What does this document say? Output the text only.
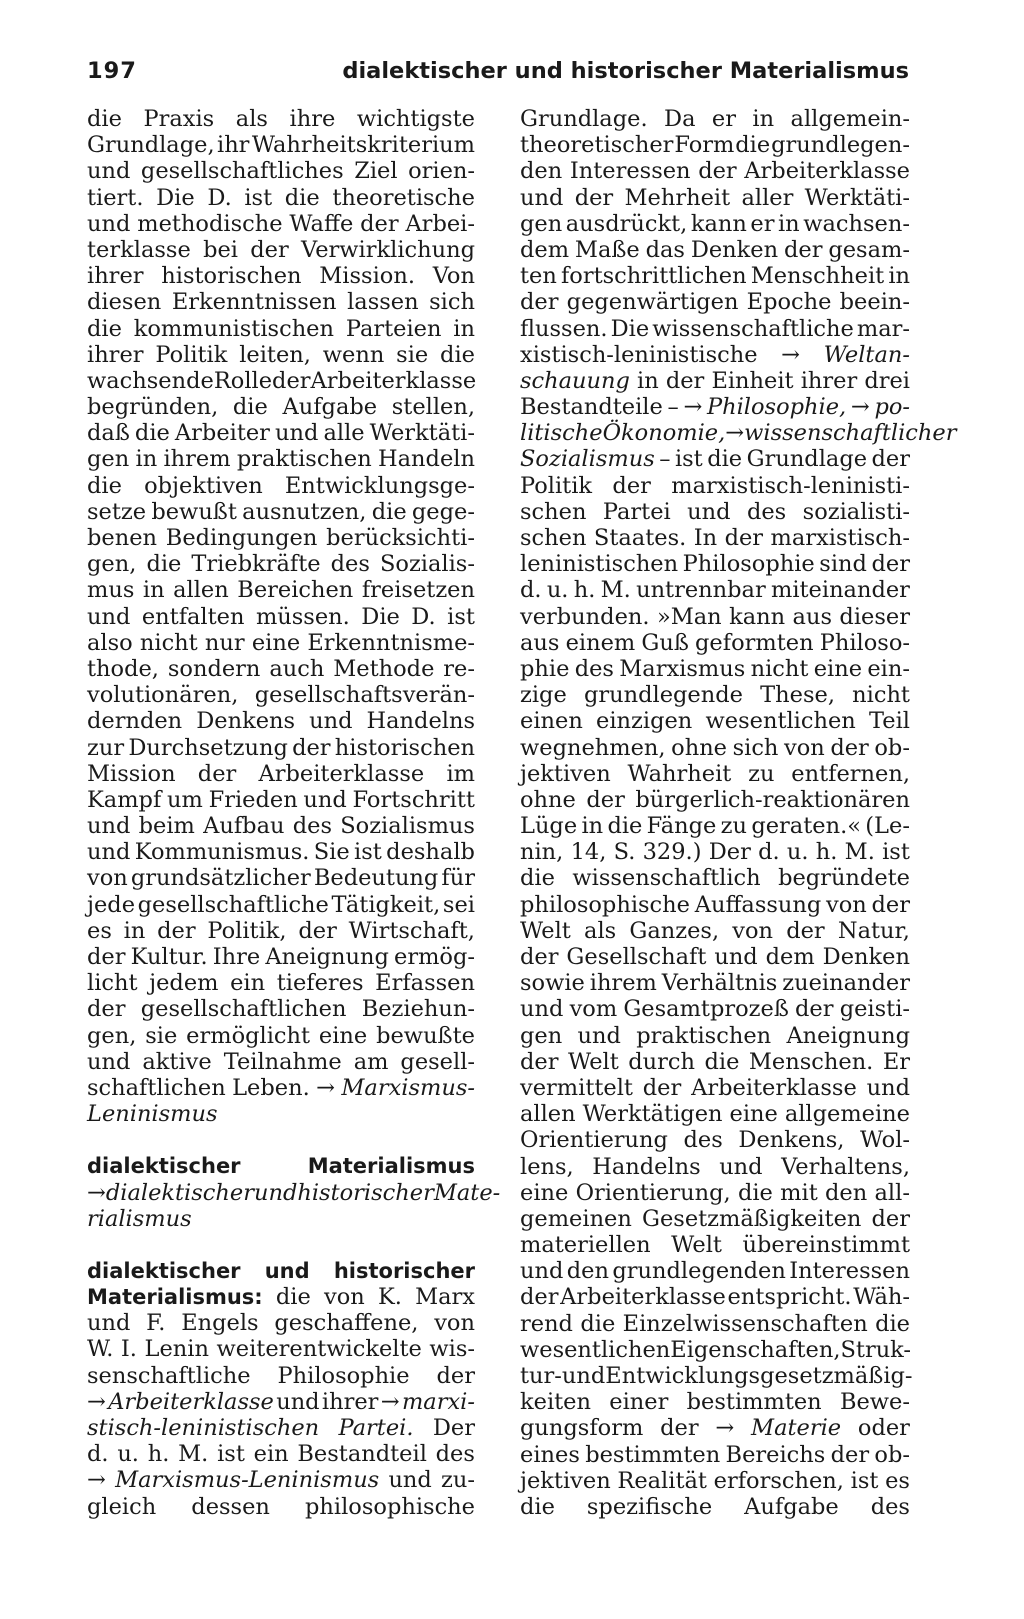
197	dialektischer und historischer Materialismus
die Praxis als ihre wichtigste
Grundlage, ihr Wahrheitskriterium
und gesellschaftliches Ziel orien-
tiert. Die D. ist die theoretische
und methodische Waffe der Arbei-
terklasse bei der Verwirklichung
ihrer historischen Mission. Von
diesen Erkenntnissen lassen sich
die kommunistischen Parteien in
ihrer Politik leiten, wenn sie die
wachsende Rolle der Arbeiterklasse
begründen, die Aufgabe stellen,
daß die Arbeiter und alle Werktäti-
gen in ihrem praktischen Handeln
die objektiven Entwicklungsge-
setze bewußt ausnutzen, die gege-
benen Bedingungen berücksichti-
gen, die Triebkräfte des Sozialis-
mus in allen Bereichen freisetzen
und entfalten müssen. Die D. ist
also nicht nur eine Erkenntnisme-
thode, sondern auch Methode re-
volutionären, gesellschaftsverän-
dernden Denkens und Handelns
zur Durchsetzung der historischen
Mission der Arbeiterklasse im
Kampf um Frieden und Fortschritt
und beim Aufbau des Sozialismus
und Kommunismus. Sie ist deshalb
von grundsätzlicher Bedeutung für
jede gesellschaftliche Tätigkeit, sei
es in der Politik, der Wirtschaft,
der Kultur. Ihre Aneignung ermög-
licht jedem ein tieferes Erfassen
der gesellschaftlichen Beziehun-
gen, sie ermöglicht eine bewußte
und aktive Teilnahme am gesell-
schaftlichen Leben. → Marxismus-
Leninismus
dialektischer	Materialismus
→ dialektischer und historischer Mate-
rialismus
dialektischer und historischer
Materialismus: die von K. Marx
und F. Engels geschaffene, von
W. I. Lenin weiterentwickelte wis-
senschaftliche Philosophie der
→ Arbeiterklasse und ihrer → marxi-
stisch-leninistischen Partei. Der
d. u. h. M. ist ein Bestandteil des
→ Marxismus-Leninismus und zu-
gleich dessen philosophische
Grundlage. Da er in allgemein-
theoretischer Form die grundlegen-
den Interessen der Arbeiterklasse
und der Mehrheit aller Werktäti-
gen ausdrückt, kann er in wachsen-
dem Maße das Denken der gesam-
ten fortschrittlichen Menschheit in
der gegenwärtigen Epoche beein-
flussen. Die wissenschaftliche mar-
xistisch-leninistische → Weltan-
schauung in der Einheit ihrer drei
Bestandteile – → Philosophie, → po-
litische Ökonomie, → wissenschaftlicher
Sozialismus – ist die Grundlage der
Politik der marxistisch-leninisti-
schen Partei und des sozialisti-
schen Staates. In der marxistisch-
leninistischen Philosophie sind der
d. u. h. M. untrennbar miteinander
verbunden. »Man kann aus dieser
aus einem Guß geformten Philoso-
phie des Marxismus nicht eine ein-
zige grundlegende These, nicht
einen einzigen wesentlichen Teil
wegnehmen, ohne sich von der ob-
jektiven Wahrheit zu entfernen,
ohne der bürgerlich-reaktionären
Lüge in die Fänge zu geraten.« (Le-
nin, 14, S. 329.) Der d. u. h. M. ist
die wissenschaftlich begründete
philosophische Auffassung von der
Welt als Ganzes, von der Natur,
der Gesellschaft und dem Denken
sowie ihrem Verhältnis zueinander
und vom Gesamtprozeß der geisti-
gen und praktischen Aneignung
der Welt durch die Menschen. Er
vermittelt der Arbeiterklasse und
allen Werktätigen eine allgemeine
Orientierung des Denkens, Wol-
lens, Handelns und Verhaltens,
eine Orientierung, die mit den all-
gemeinen Gesetzmäßigkeiten der
materiellen Welt übereinstimmt
und den grundlegenden Interessen
der Arbeiterklasse entspricht. Wäh-
rend die Einzelwissenschaften die
wesentlichen Eigenschaften, Struk-
tur- und Entwicklungsgesetzmäßig-
keiten einer bestimmten Bewe-
gungsform der → Materie oder
eines bestimmten Bereichs der ob-
jektiven Realität erforschen, ist es
die spezifische Aufgabe des
